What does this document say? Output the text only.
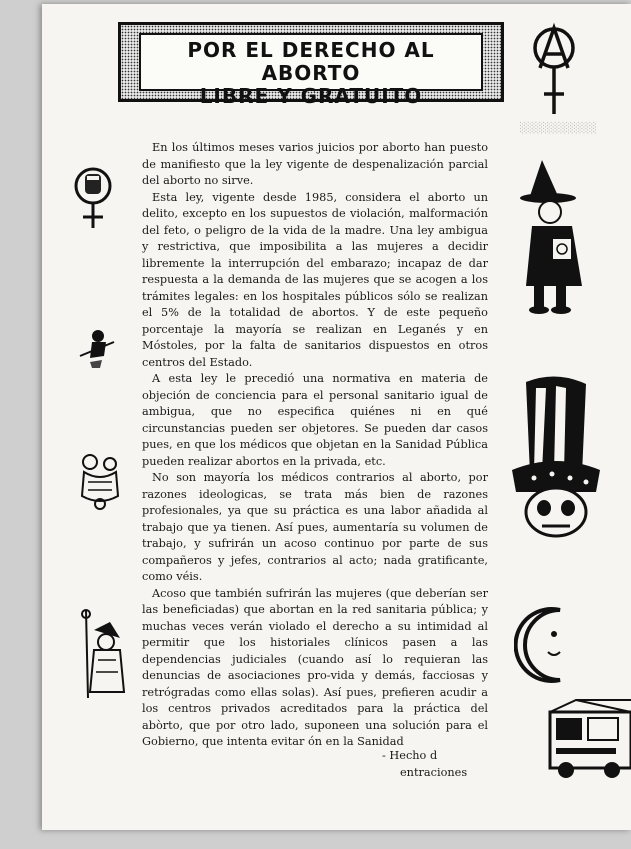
░░░░░░░░░░
POR EL DERECHO AL ABORTO
LIBRE Y GRATUITO

En los últimos meses varios juicios por aborto han puesto de manifiesto que la ley vigente de despenalización parcial del aborto no sirve.

Esta ley, vigente desde 1985, considera el aborto un delito, excepto en los supuestos de violación, malformación del feto, o peligro de la vida de la madre. Una ley ambigua y restrictiva, que imposibilita a las mujeres a decidir libremente la interrupción del embarazo; incapaz de dar respuesta a la demanda de las mujeres que se acogen a los trámites legales: en los hospitales públicos sólo se realizan el 5% de la totalidad de abortos. Y de este pequeño porcentaje la mayoría se realizan en Leganés y en Móstoles, por la falta de sanitarios dispuestos en otros centros del Estado.

A esta ley le precedió una normativa en materia de objeción de conciencia para el personal sanitario igual de ambigua, que no especifica quiénes ni en qué circunstancias pueden ser objetores. Se pueden dar casos pues, en que los médicos que objetan en la Sanidad Pública pueden realizar abortos en la privada, etc.

No son mayoría los médicos contrarios al aborto, por razones ideologicas, se trata más bien de razones profesionales, ya que su práctica es una labor añadida al trabajo que ya tienen. Así pues, aumentaría su volumen de trabajo, y sufrirán un acoso continuo por parte de sus compañeros y jefes, contrarios al acto; nada gratificante, como véis.

Acoso que también sufrirán las mujeres (que deberían ser las beneficiadas) que abortan en la red sanitaria pública; y muchas veces verán violado el derecho a su intimidad al permitir que los historiales clínicos pasen a las dependencias judiciales (cuando así lo requieran las denuncias de asociaciones pro-vida y demás, facciosas y retrógradas como ellas solas). Así pues, prefieren acudir a los centros privados acreditados para la práctica del abòrto, que por otro lado, suponeen una solución para el Gobierno, que intenta evitar ón en la Sanidad

- Hecho d
entraciones
